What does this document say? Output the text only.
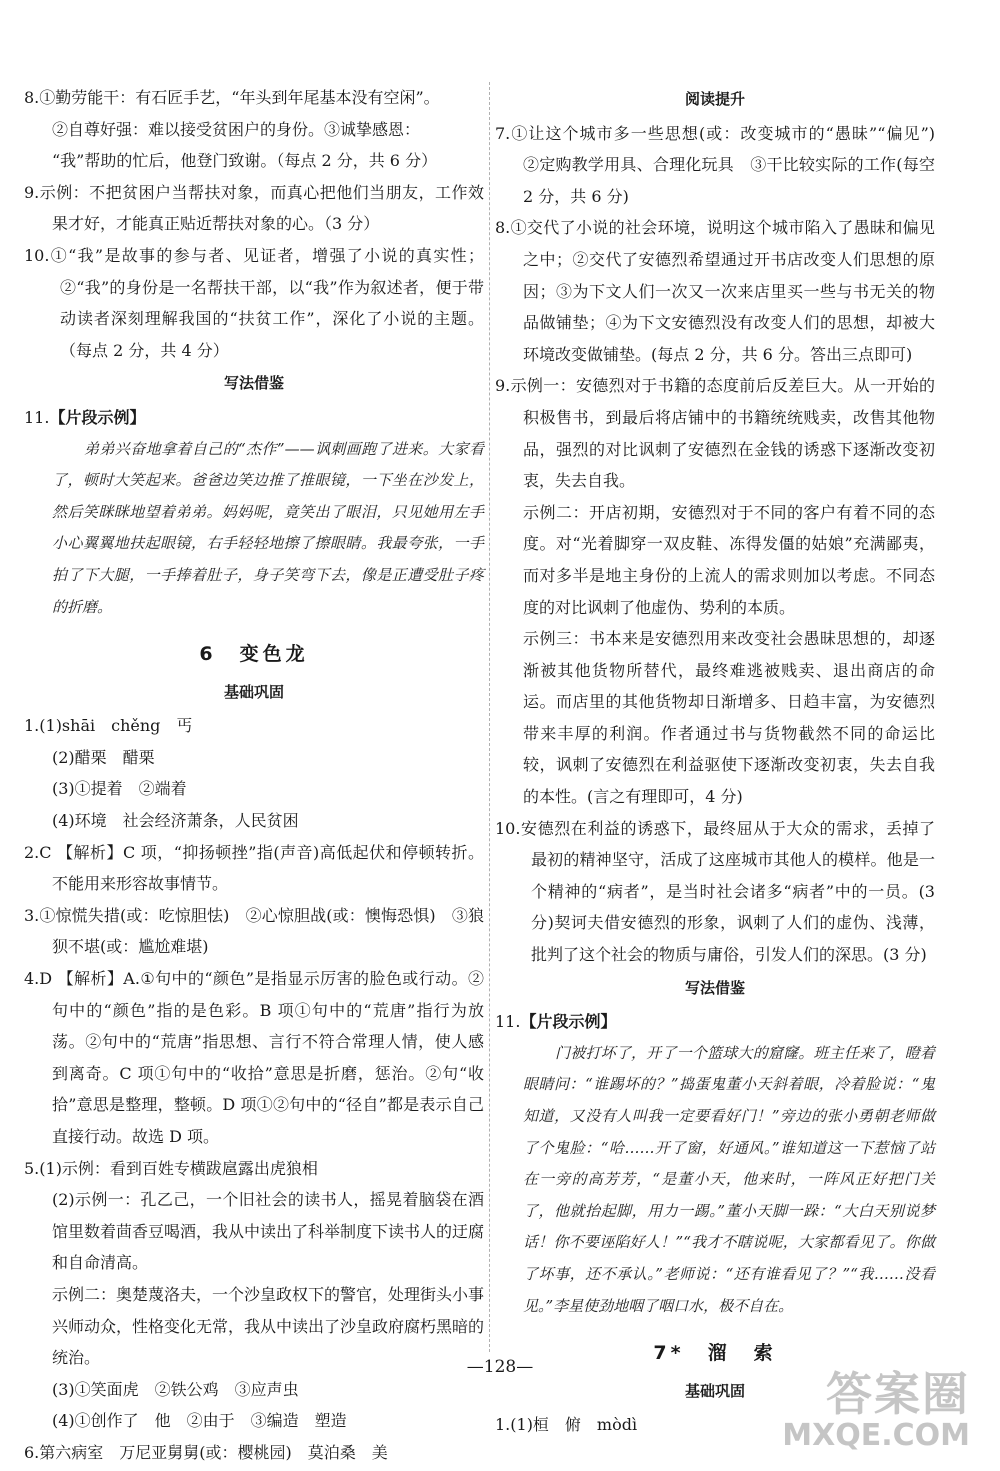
8.①勤劳能干：有石匠手艺，“年头到年尾基本没有空闲”。

②自尊好强：难以接受贫困户的身份。③诚挚感恩：

“我”帮助的忙后，他登门致谢。（每点 2 分，共 6 分）

9.示例：不把贫困户当帮扶对象，而真心把他们当朋友，工作效果才好，才能真正贴近帮扶对象的心。（3 分）

10.①“我”是故事的参与者、见证者，增强了小说的真实性；②“我”的身份是一名帮扶干部，以“我”作为叙述者，便于带动读者深刻理解我国的“扶贫工作”，深化了小说的主题。（每点 2 分，共 4 分）

写法借鉴

11.【片段示例】

弟弟兴奋地拿着自己的“杰作”——讽刺画跑了进来。大家看了，顿时大笑起来。爸爸边笑边推了推眼镜，一下坐在沙发上，然后笑眯眯地望着弟弟。妈妈呢，竟笑出了眼泪，只见她用左手小心翼翼地扶起眼镜，右手轻轻地擦了擦眼睛。我最夸张，一手拍了下大腿，一手捧着肚子，身子笑弯下去，像是正遭受肚子疼的折磨。

6　变色龙

基础巩固

1.(1)shāi　chěng　丐

(2)醋栗　醋栗

(3)①提着　②端着

(4)环境　社会经济萧条，人民贫困

2.C 【解析】C 项，“抑扬顿挫”指(声音)高低起伏和停顿转折。不能用来形容故事情节。

3.①惊慌失措(或：吃惊胆怯)　②心惊胆战(或：懊悔恐惧)　③狼狈不堪(或：尴尬难堪)

4.D 【解析】A.①句中的“颜色”是指显示厉害的脸色或行动。②句中的“颜色”指的是色彩。B 项①句中的“荒唐”指行为放荡。②句中的“荒唐”指思想、言行不符合常理人情，使人感到离奇。C 项①句中的“收拾”意思是折磨，惩治。②句“收拾”意思是整理，整顿。D 项①②句中的“径自”都是表示自己直接行动。故选 D 项。

5.(1)示例：看到百姓专横跋扈露出虎狼相

(2)示例一：孔乙己，一个旧社会的读书人，摇晃着脑袋在酒馆里数着茴香豆喝酒，我从中读出了科举制度下读书人的迂腐和自命清高。

示例二：奥楚蔑洛夫，一个沙皇政权下的警官，处理街头小事兴师动众，性格变化无常，我从中读出了沙皇政府腐朽黑暗的统治。

(3)①笑面虎　②铁公鸡　③应声虫

(4)①创作了　他　②由于　③编造　塑造

6.第六病室　万尼亚舅舅(或：樱桃园)　莫泊桑　美

阅读提升

7.①让这个城市多一些思想(或：改变城市的“愚昧”“偏见”)　②定购教学用具、合理化玩具　③干比较实际的工作(每空 2 分，共 6 分)

8.①交代了小说的社会环境，说明这个城市陷入了愚昧和偏见之中；②交代了安德烈希望通过开书店改变人们思想的原因；③为下文人们一次又一次来店里买一些与书无关的物品做铺垫；④为下文安德烈没有改变人们的思想，却被大环境改变做铺垫。(每点 2 分，共 6 分。答出三点即可)

9.示例一：安德烈对于书籍的态度前后反差巨大。从一开始的积极售书，到最后将店铺中的书籍统统贱卖，改售其他物品，强烈的对比讽刺了安德烈在金钱的诱惑下逐渐改变初衷，失去自我。

示例二：开店初期，安德烈对于不同的客户有着不同的态度。对“光着脚穿一双皮鞋、冻得发僵的姑娘”充满鄙夷，而对多半是地主身份的上流人的需求则加以考虑。不同态度的对比讽刺了他虚伪、势利的本质。

示例三：书本来是安德烈用来改变社会愚昧思想的，却逐渐被其他货物所替代，最终难逃被贱卖、退出商店的命运。而店里的其他货物却日渐增多、日趋丰富，为安德烈带来丰厚的利润。作者通过书与货物截然不同的命运比较，讽刺了安德烈在利益驱使下逐渐改变初衷，失去自我的本性。(言之有理即可，4 分)

10.安德烈在利益的诱惑下，最终屈从于大众的需求，丢掉了最初的精神坚守，活成了这座城市其他人的模样。他是一个精神的“病者”，是当时社会诸多“病者”中的一员。(3 分)契诃夫借安德烈的形象，讽刺了人们的虚伪、浅薄，批判了这个社会的物质与庸俗，引发人们的深思。(3 分)

写法借鉴

11.【片段示例】

门被打坏了，开了一个篮球大的窟窿。班主任来了，瞪着眼睛问：“谁踢坏的？”捣蛋鬼董小天斜着眼，冷着脸说：“鬼知道，又没有人叫我一定要看好门！”旁边的张小勇朝老师做了个鬼脸：“哈……开了窗，好通风。”谁知道这一下惹恼了站在一旁的高芳芳，“是董小天，他来时，一阵风正好把门关了，他就抬起脚，用力一踢。”董小天脚一跺：“大白天别说梦话！你不要诬陷好人！”“我才不瞎说呢，大家都看见了。你做了坏事，还不承认。”老师说：“还有谁看见了？”“我……没看见。”李星使劲地咽了咽口水，极不自在。

7*　溜　索

基础巩固

1.(1)桓　俯　mòdì

—128—	答案圈
MXQE.COM
